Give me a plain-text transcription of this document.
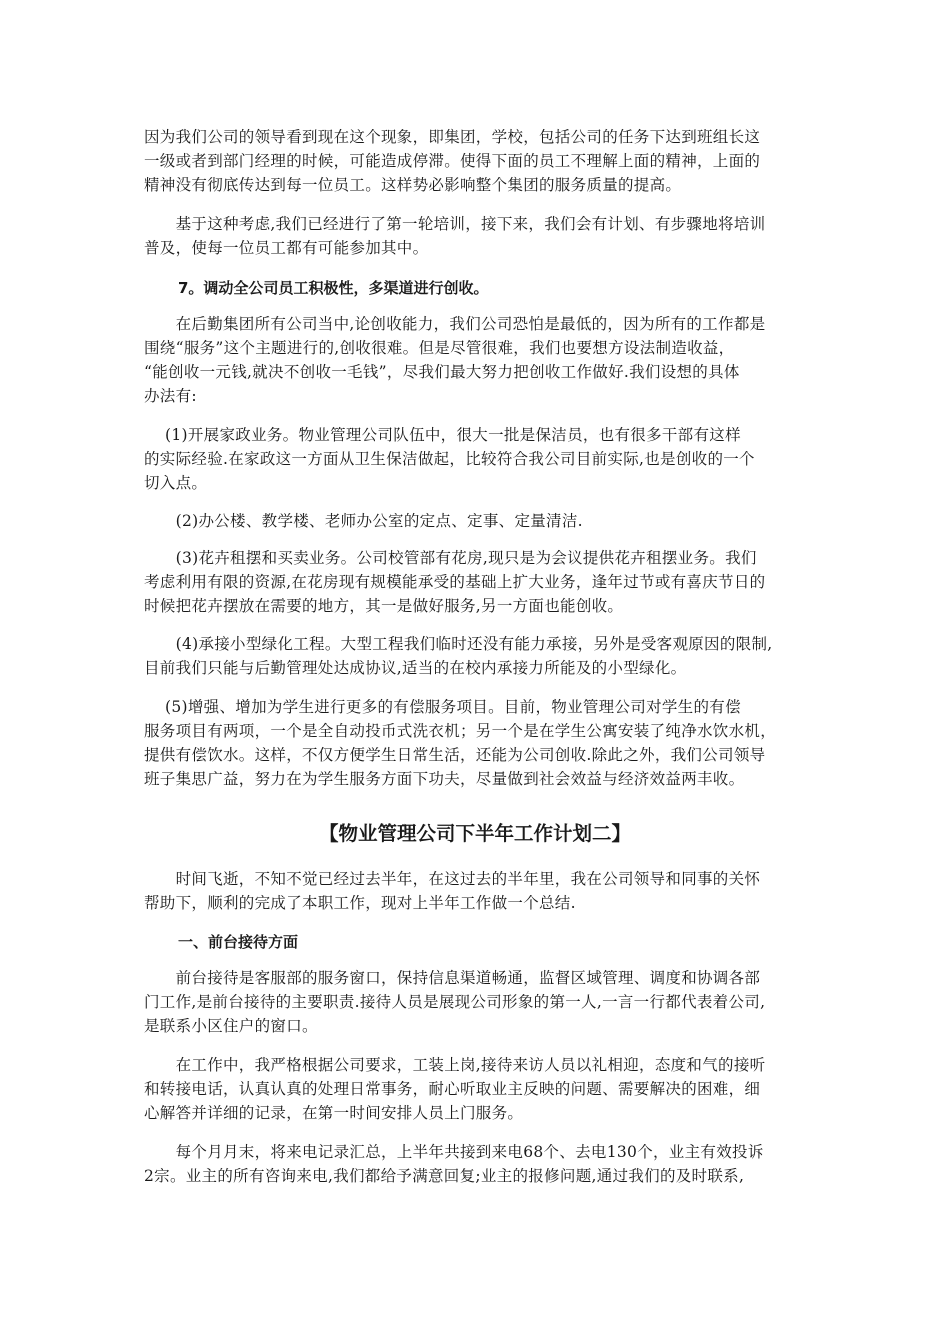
因为我们公司的领导看到现在这个现象，即集团，学校，包括公司的任务下达到班组长这
一级或者到部门经理的时候，可能造成停滞。使得下面的员工不理解上面的精神，上面的
精神没有彻底传达到每一位员工。这样势必影响整个集团的服务质量的提高。

　　基于这种考虑,我们已经进行了第一轮培训，接下来，我们会有计划、有步骤地将培训
普及，使每一位员工都有可能参加其中。

7。调动全公司员工积极性，多渠道进行创收。

　　在后勤集团所有公司当中,论创收能力，我们公司恐怕是最低的，因为所有的工作都是
围绕“服务”这个主题进行的,创收很难。但是尽管很难，我们也要想方设法制造收益，
“能创收一元钱,就决不创收一毛钱”，尽我们最大努力把创收工作做好.我们设想的具体
办法有:

　 (1)开展家政业务。物业管理公司队伍中，很大一批是保洁员，也有很多干部有这样
的实际经验.在家政这一方面从卫生保洁做起，比较符合我公司目前实际,也是创收的一个
切入点。

　　(2)办公楼、教学楼、老师办公室的定点、定事、定量清洁.

　　(3)花卉租摆和买卖业务。公司校管部有花房,现只是为会议提供花卉租摆业务。我们
考虑利用有限的资源,在花房现有规模能承受的基础上扩大业务，逢年过节或有喜庆节日的
时候把花卉摆放在需要的地方，其一是做好服务,另一方面也能创收。

　　(4)承接小型绿化工程。大型工程我们临时还没有能力承接，另外是受客观原因的限制,
目前我们只能与后勤管理处达成协议,适当的在校内承接力所能及的小型绿化。

　 (5)增强、增加为学生进行更多的有偿服务项目。目前，物业管理公司对学生的有偿
服务项目有两项，一个是全自动投币式洗衣机；另一个是在学生公寓安装了纯净水饮水机，
提供有偿饮水。这样，不仅方便学生日常生活，还能为公司创收.除此之外，我们公司领导
班子集思广益，努力在为学生服务方面下功夫，尽量做到社会效益与经济效益两丰收。

【物业管理公司下半年工作计划二】

　　时间飞逝，不知不觉已经过去半年，在这过去的半年里，我在公司领导和同事的关怀
帮助下，顺利的完成了本职工作，现对上半年工作做一个总结.

一、前台接待方面

　　前台接待是客服部的服务窗口，保持信息渠道畅通，监督区域管理、调度和协调各部
门工作,是前台接待的主要职责.接待人员是展现公司形象的第一人,一言一行都代表着公司,
是联系小区住户的窗口。

　　在工作中，我严格根据公司要求，工装上岗,接待来访人员以礼相迎，态度和气的接听
和转接电话，认真认真的处理日常事务，耐心听取业主反映的问题、需要解决的困难，细
心解答并详细的记录，在第一时间安排人员上门服务。

　　每个月月末，将来电记录汇总，上半年共接到来电68个、去电130个，业主有效投诉
2宗。业主的所有咨询来电,我们都给予满意回复;业主的报修问题,通过我们的及时联系,
